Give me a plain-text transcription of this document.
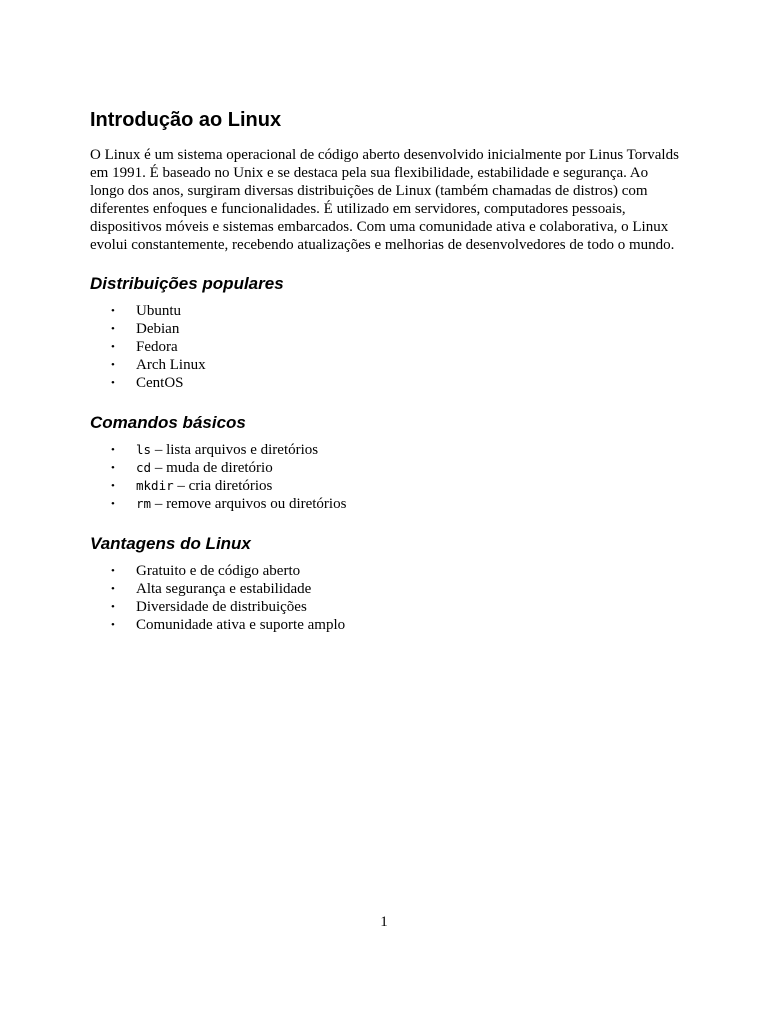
Introdução ao Linux

O Linux é um sistema operacional de código aberto desenvolvido inicialmente por Linus Torvalds em 1991. É baseado no Unix e se destaca pela sua flexibilidade, estabilidade e segurança. Ao longo dos anos, surgiram diversas distribuições de Linux (também chamadas de distros) com diferentes enfoques e funcionalidades. É utilizado em servidores, computadores pessoais, dispositivos móveis e sistemas embarcados. Com uma comunidade ativa e colaborativa, o Linux evolui constantemente, recebendo atualizações e melhorias de desenvolvedores de todo o mundo.

Distribuições populares
• Ubuntu
• Debian
• Fedora
• Arch Linux
• CentOS
Comandos básicos
• ls – lista arquivos e diretórios
• cd – muda de diretório
• mkdir – cria diretórios
• rm – remove arquivos ou diretórios
Vantagens do Linux
• Gratuito e de código aberto
• Alta segurança e estabilidade
• Diversidade de distribuições
• Comunidade ativa e suporte amplo
1
